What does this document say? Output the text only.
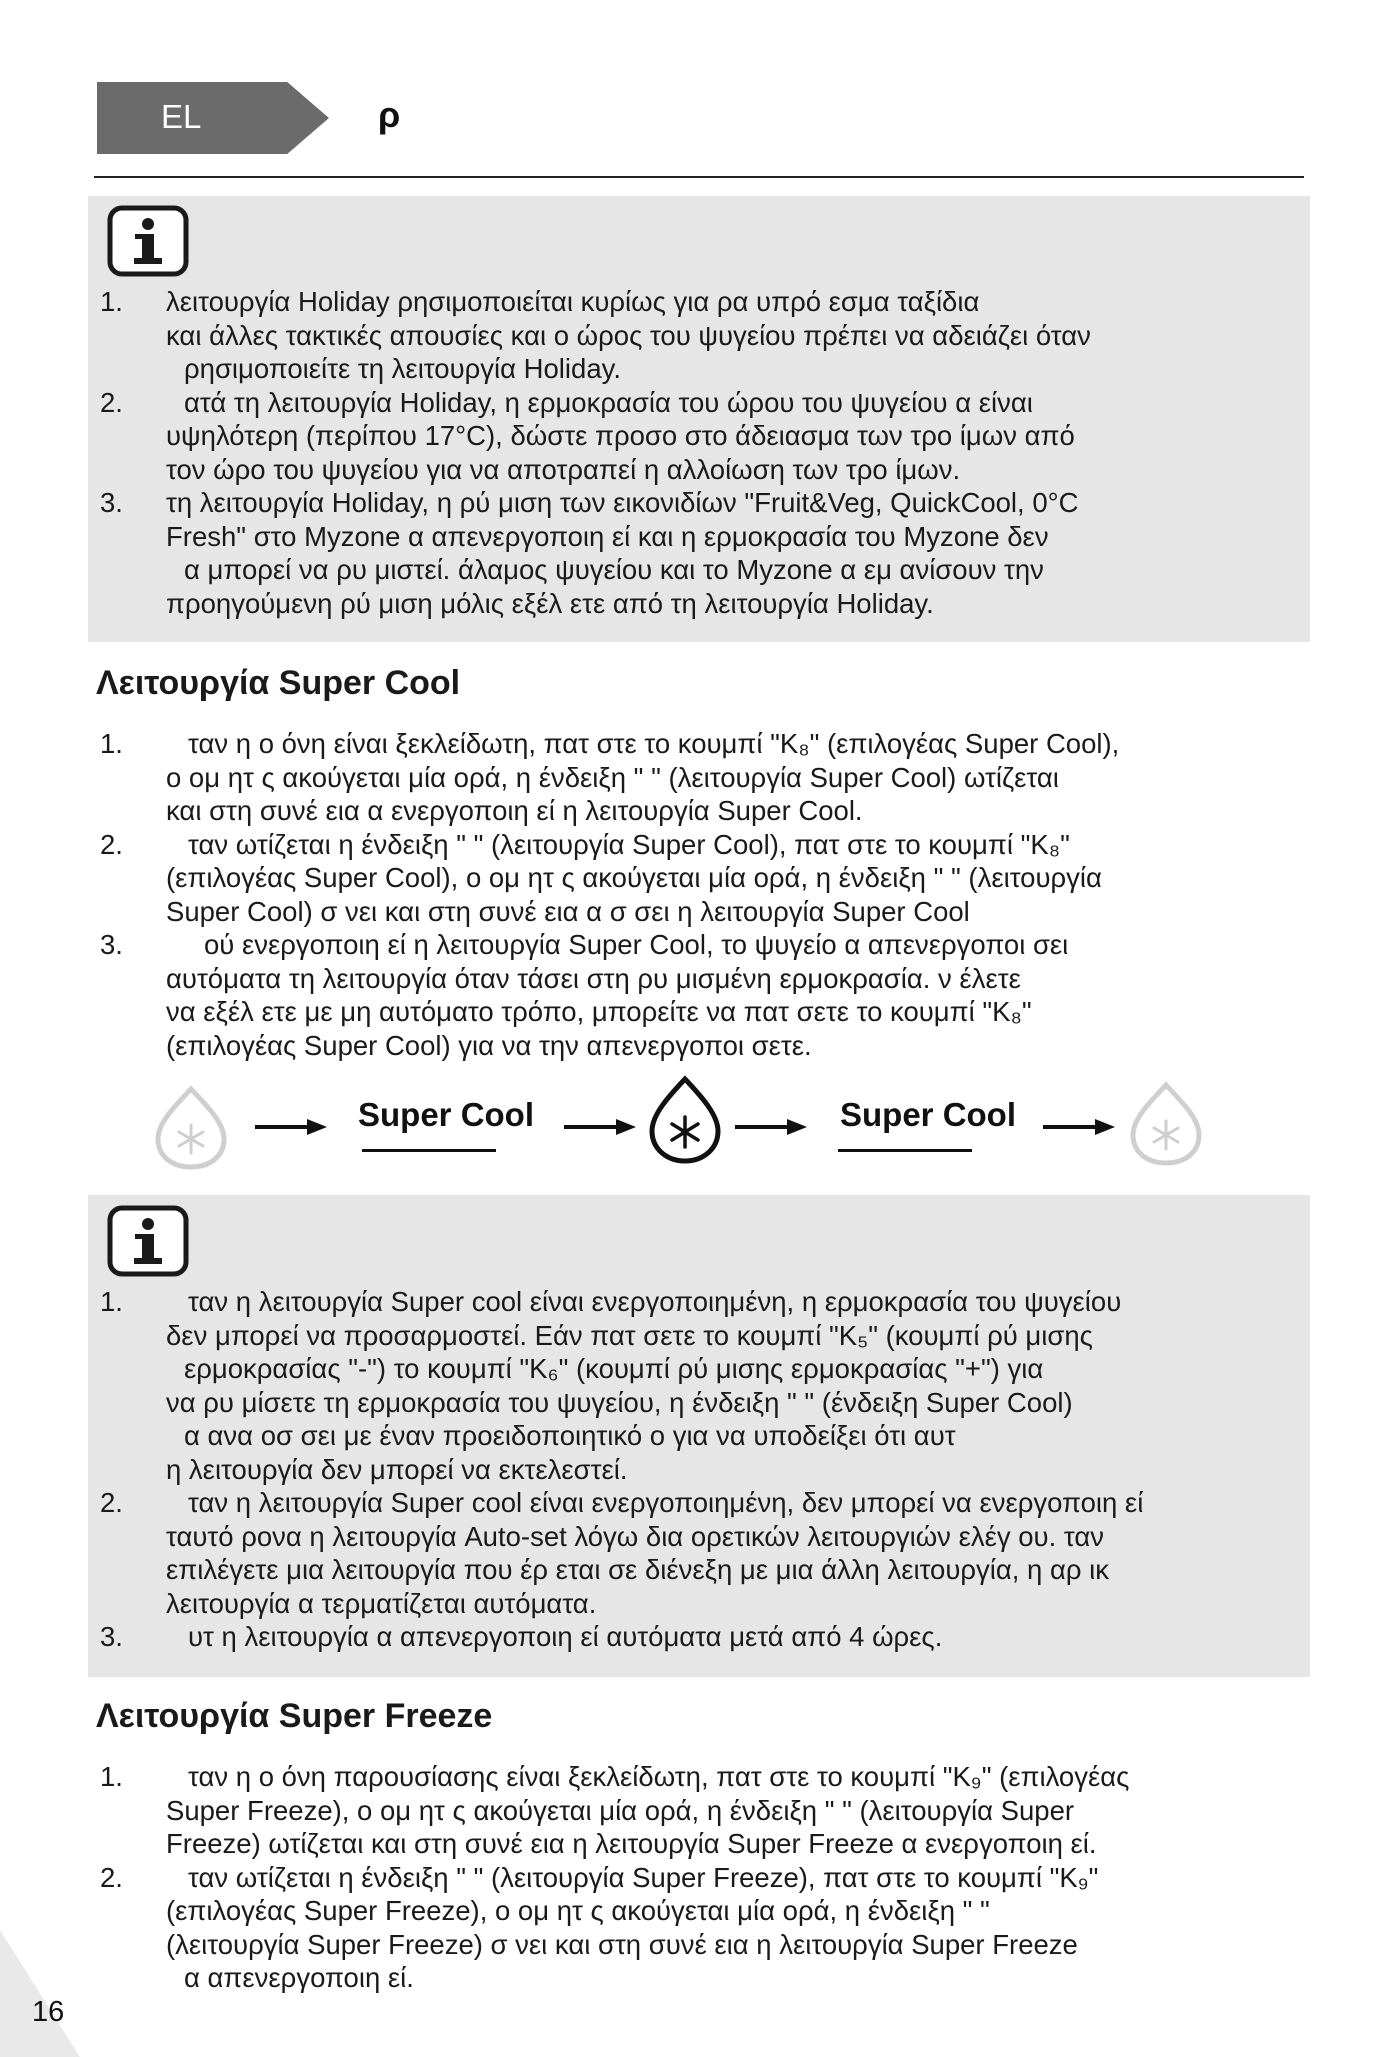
EL	ρ
1.	λειτουργία Holiday ρησιμοποιείται κυρίως για ρα υπρό εσμα ταξίδια
και άλλες τακτικές απουσίες και ο ώρος του ψυγείου πρέπει να αδειάζει όταν
ρησιμοποιείτε τη λειτουργία Holiday.
2.	ατά τη λειτουργία Holiday, η ερμοκρασία του ώρου του ψυγείου α είναι
υψηλότερη (περίπου 17°C), δώστε προσο στο άδειασμα των τρο ίμων από
τον ώρο του ψυγείου για να αποτραπεί η αλλοίωση των τρο ίμων.
3. τη λειτουργία Holiday, η ρύ μιση των εικονιδίων "Fruit&Veg, QuickCool, 0°C
Fresh" στο Myzone α απενεργοποιη εί και η ερμοκρασία του Myzone δεν
α μπορεί να ρυ μιστεί. άλαμος ψυγείου και το Myzone α εμ ανίσουν την
προηγούμενη ρύ μιση μόλις εξέλ ετε από τη λειτουργία Holiday.
Λειτουργία Super Cool
1.	ταν η ο όνη είναι ξεκλείδωτη, πατ στε το κουμπί "K₈" (επιλογέας Super Cool),
ο ομ ητ ς ακούγεται μία ορά, η ένδειξη " " (λειτουργία Super Cool) ωτίζεται
και στη συνέ εια α ενεργοποιη εί η λειτουργία Super Cool.
2.	ταν ωτίζεται η ένδειξη " " (λειτουργία Super Cool), πατ στε το κουμπί "K₈"
(επιλογέας Super Cool), ο ομ ητ ς ακούγεται μία ορά, η ένδειξη " " (λειτουργία
Super Cool) σ νει και στη συνέ εια α σ σει η λειτουργία Super Cool
3.	ού ενεργοποιη εί η λειτουργία Super Cool, το ψυγείο α απενεργοποι σει
αυτόματα τη λειτουργία όταν τάσει στη ρυ μισμένη ερμοκρασία. ν έλετε
να εξέλ ετε με μη αυτόματο τρόπο, μπορείτε να πατ σετε το κουμπί "K₈"
(επιλογέας Super Cool) για να την απενεργοποι σετε.
Super Cool	Super Cool
1.	ταν η λειτουργία Super cool είναι ενεργοποιημένη, η ερμοκρασία του ψυγείου
δεν μπορεί να προσαρμοστεί. Εάν πατ σετε το κουμπί "K₅" (κουμπί ρύ μισης
ερμοκρασίας "-") το κουμπί "K₆" (κουμπί ρύ μισης ερμοκρασίας "+") για
να ρυ μίσετε τη ερμοκρασία του ψυγείου, η ένδειξη " " (ένδειξη Super Cool)
α ανα οσ σει με έναν προειδοποιητικό ο για να υποδείξει ότι αυτ
η λειτουργία δεν μπορεί να εκτελεστεί.
2.	ταν η λειτουργία Super cool είναι ενεργοποιημένη, δεν μπορεί να ενεργοποιη εί
ταυτό ρονα η λειτουργία Auto-set λόγω δια ορετικών λειτουργιών ελέγ ου. ταν
επιλέγετε μια λειτουργία που έρ εται σε διένεξη με μια άλλη λειτουργία, η αρ ικ
λειτουργία α τερματίζεται αυτόματα.
3.	υτ η λειτουργία α απενεργοποιη εί αυτόματα μετά από 4 ώρες.
Λειτουργία Super Freeze
1.	ταν η ο όνη παρουσίασης είναι ξεκλείδωτη, πατ στε το κουμπί "K₉" (επιλογέας
Super Freeze), ο ομ ητ ς ακούγεται μία ορά, η ένδειξη " " (λειτουργία Super
Freeze) ωτίζεται και στη συνέ εια η λειτουργία Super Freeze α ενεργοποιη εί.
2.	ταν ωτίζεται η ένδειξη " " (λειτουργία Super Freeze), πατ στε το κουμπί "K₉"
(επιλογέας Super Freeze), ο ομ ητ ς ακούγεται μία ορά, η ένδειξη " "
(λειτουργία Super Freeze) σ νει και στη συνέ εια η λειτουργία Super Freeze
α απενεργοποιη εί.
16
